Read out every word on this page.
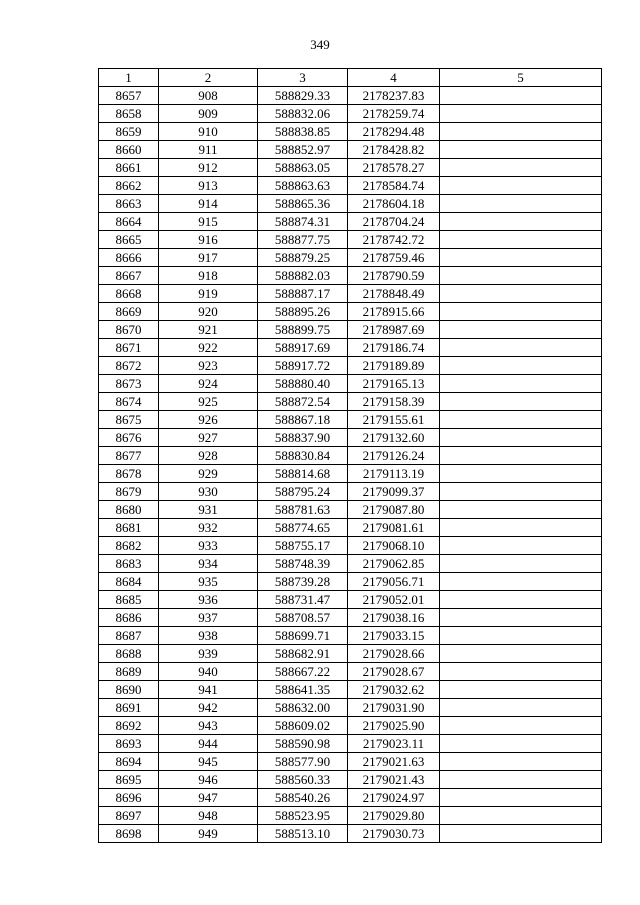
349
1	2	3	4	5
8657	908	588829.33	2178237.83	
8658	909	588832.06	2178259.74	
8659	910	588838.85	2178294.48	
8660	911	588852.97	2178428.82	
8661	912	588863.05	2178578.27	
8662	913	588863.63	2178584.74	
8663	914	588865.36	2178604.18	
8664	915	588874.31	2178704.24	
8665	916	588877.75	2178742.72	
8666	917	588879.25	2178759.46	
8667	918	588882.03	2178790.59	
8668	919	588887.17	2178848.49	
8669	920	588895.26	2178915.66	
8670	921	588899.75	2178987.69	
8671	922	588917.69	2179186.74	
8672	923	588917.72	2179189.89	
8673	924	588880.40	2179165.13	
8674	925	588872.54	2179158.39	
8675	926	588867.18	2179155.61	
8676	927	588837.90	2179132.60	
8677	928	588830.84	2179126.24	
8678	929	588814.68	2179113.19	
8679	930	588795.24	2179099.37	
8680	931	588781.63	2179087.80	
8681	932	588774.65	2179081.61	
8682	933	588755.17	2179068.10	
8683	934	588748.39	2179062.85	
8684	935	588739.28	2179056.71	
8685	936	588731.47	2179052.01	
8686	937	588708.57	2179038.16	
8687	938	588699.71	2179033.15	
8688	939	588682.91	2179028.66	
8689	940	588667.22	2179028.67	
8690	941	588641.35	2179032.62	
8691	942	588632.00	2179031.90	
8692	943	588609.02	2179025.90	
8693	944	588590.98	2179023.11	
8694	945	588577.90	2179021.63	
8695	946	588560.33	2179021.43	
8696	947	588540.26	2179024.97	
8697	948	588523.95	2179029.80	
8698	949	588513.10	2179030.73	
